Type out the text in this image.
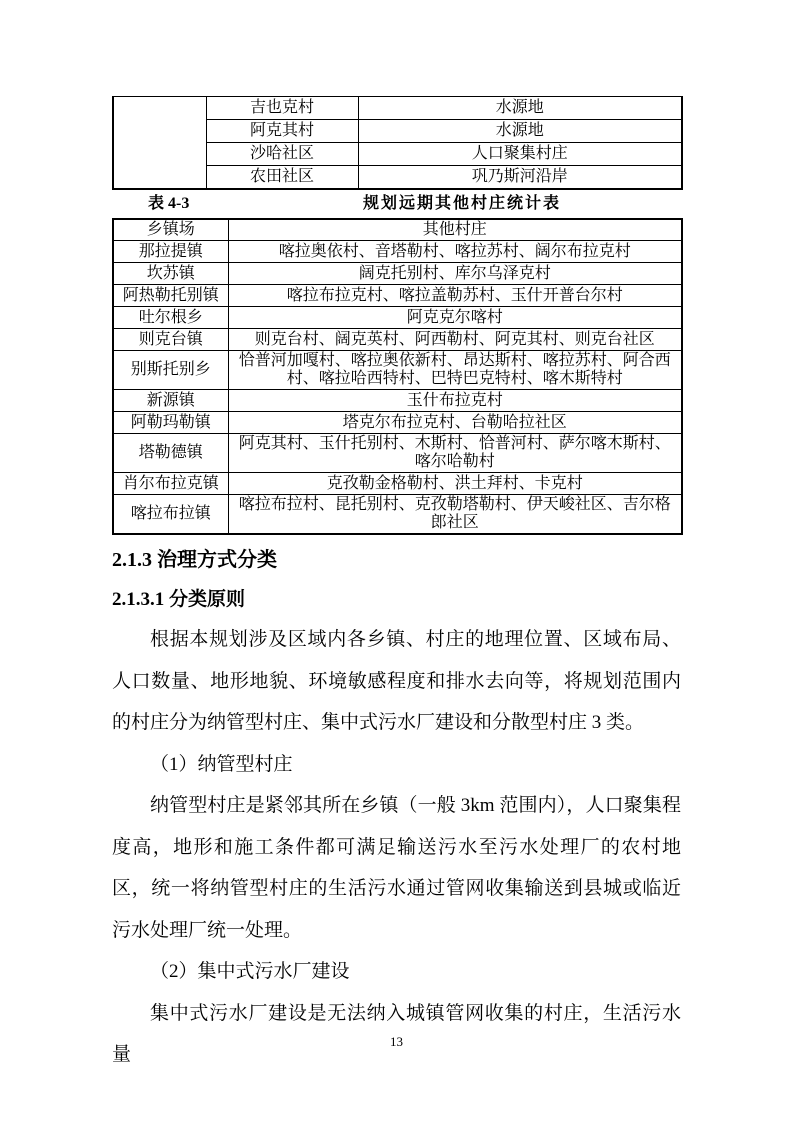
	吉也克村	水源地
	阿克其村	水源地
	沙哈社区	人口聚集村庄
	农田社区	巩乃斯河沿岸
表 4-3	规划远期其他村庄统计表
乡镇场	其他村庄
那拉提镇	喀拉奥依村、音塔勒村、喀拉苏村、阔尔布拉克村
坎苏镇	阔克托别村、库尔乌泽克村
阿热勒托别镇	喀拉布拉克村、喀拉盖勒苏村、玉什开普台尔村
吐尔根乡	阿克克尔喀村
则克台镇	则克台村、阔克英村、阿西勒村、阿克其村、则克台社区
别斯托别乡	恰普河加嘎村、喀拉奥依新村、昂达斯村、喀拉苏村、阿合西村、喀拉哈西特村、巴特巴克特村、喀木斯特村
新源镇	玉什布拉克村
阿勒玛勒镇	塔克尔布拉克村、台勒哈拉社区
塔勒德镇	阿克其村、玉什托别村、木斯村、恰普河村、萨尔喀木斯村、喀尔哈勒村
肖尔布拉克镇	克孜勒金格勒村、洪土拜村、卡克村
喀拉布拉镇	喀拉布拉村、昆托别村、克孜勒塔勒村、伊天峻社区、吉尔格郎社区
2.1.3 治理方式分类
2.1.3.1 分类原则

根据本规划涉及区域内各乡镇、村庄的地理位置、区域布局、人口数量、地形地貌、环境敏感程度和排水去向等，将规划范围内的村庄分为纳管型村庄、集中式污水厂建设和分散型村庄 3 类。

（1）纳管型村庄

纳管型村庄是紧邻其所在乡镇（一般 3km 范围内），人口聚集程度高，地形和施工条件都可满足输送污水至污水处理厂的农村地区，统一将纳管型村庄的生活污水通过管网收集输送到县城或临近污水处理厂统一处理。

（2）集中式污水厂建设

集中式污水厂建设是无法纳入城镇管网收集的村庄，生活污水量

13
